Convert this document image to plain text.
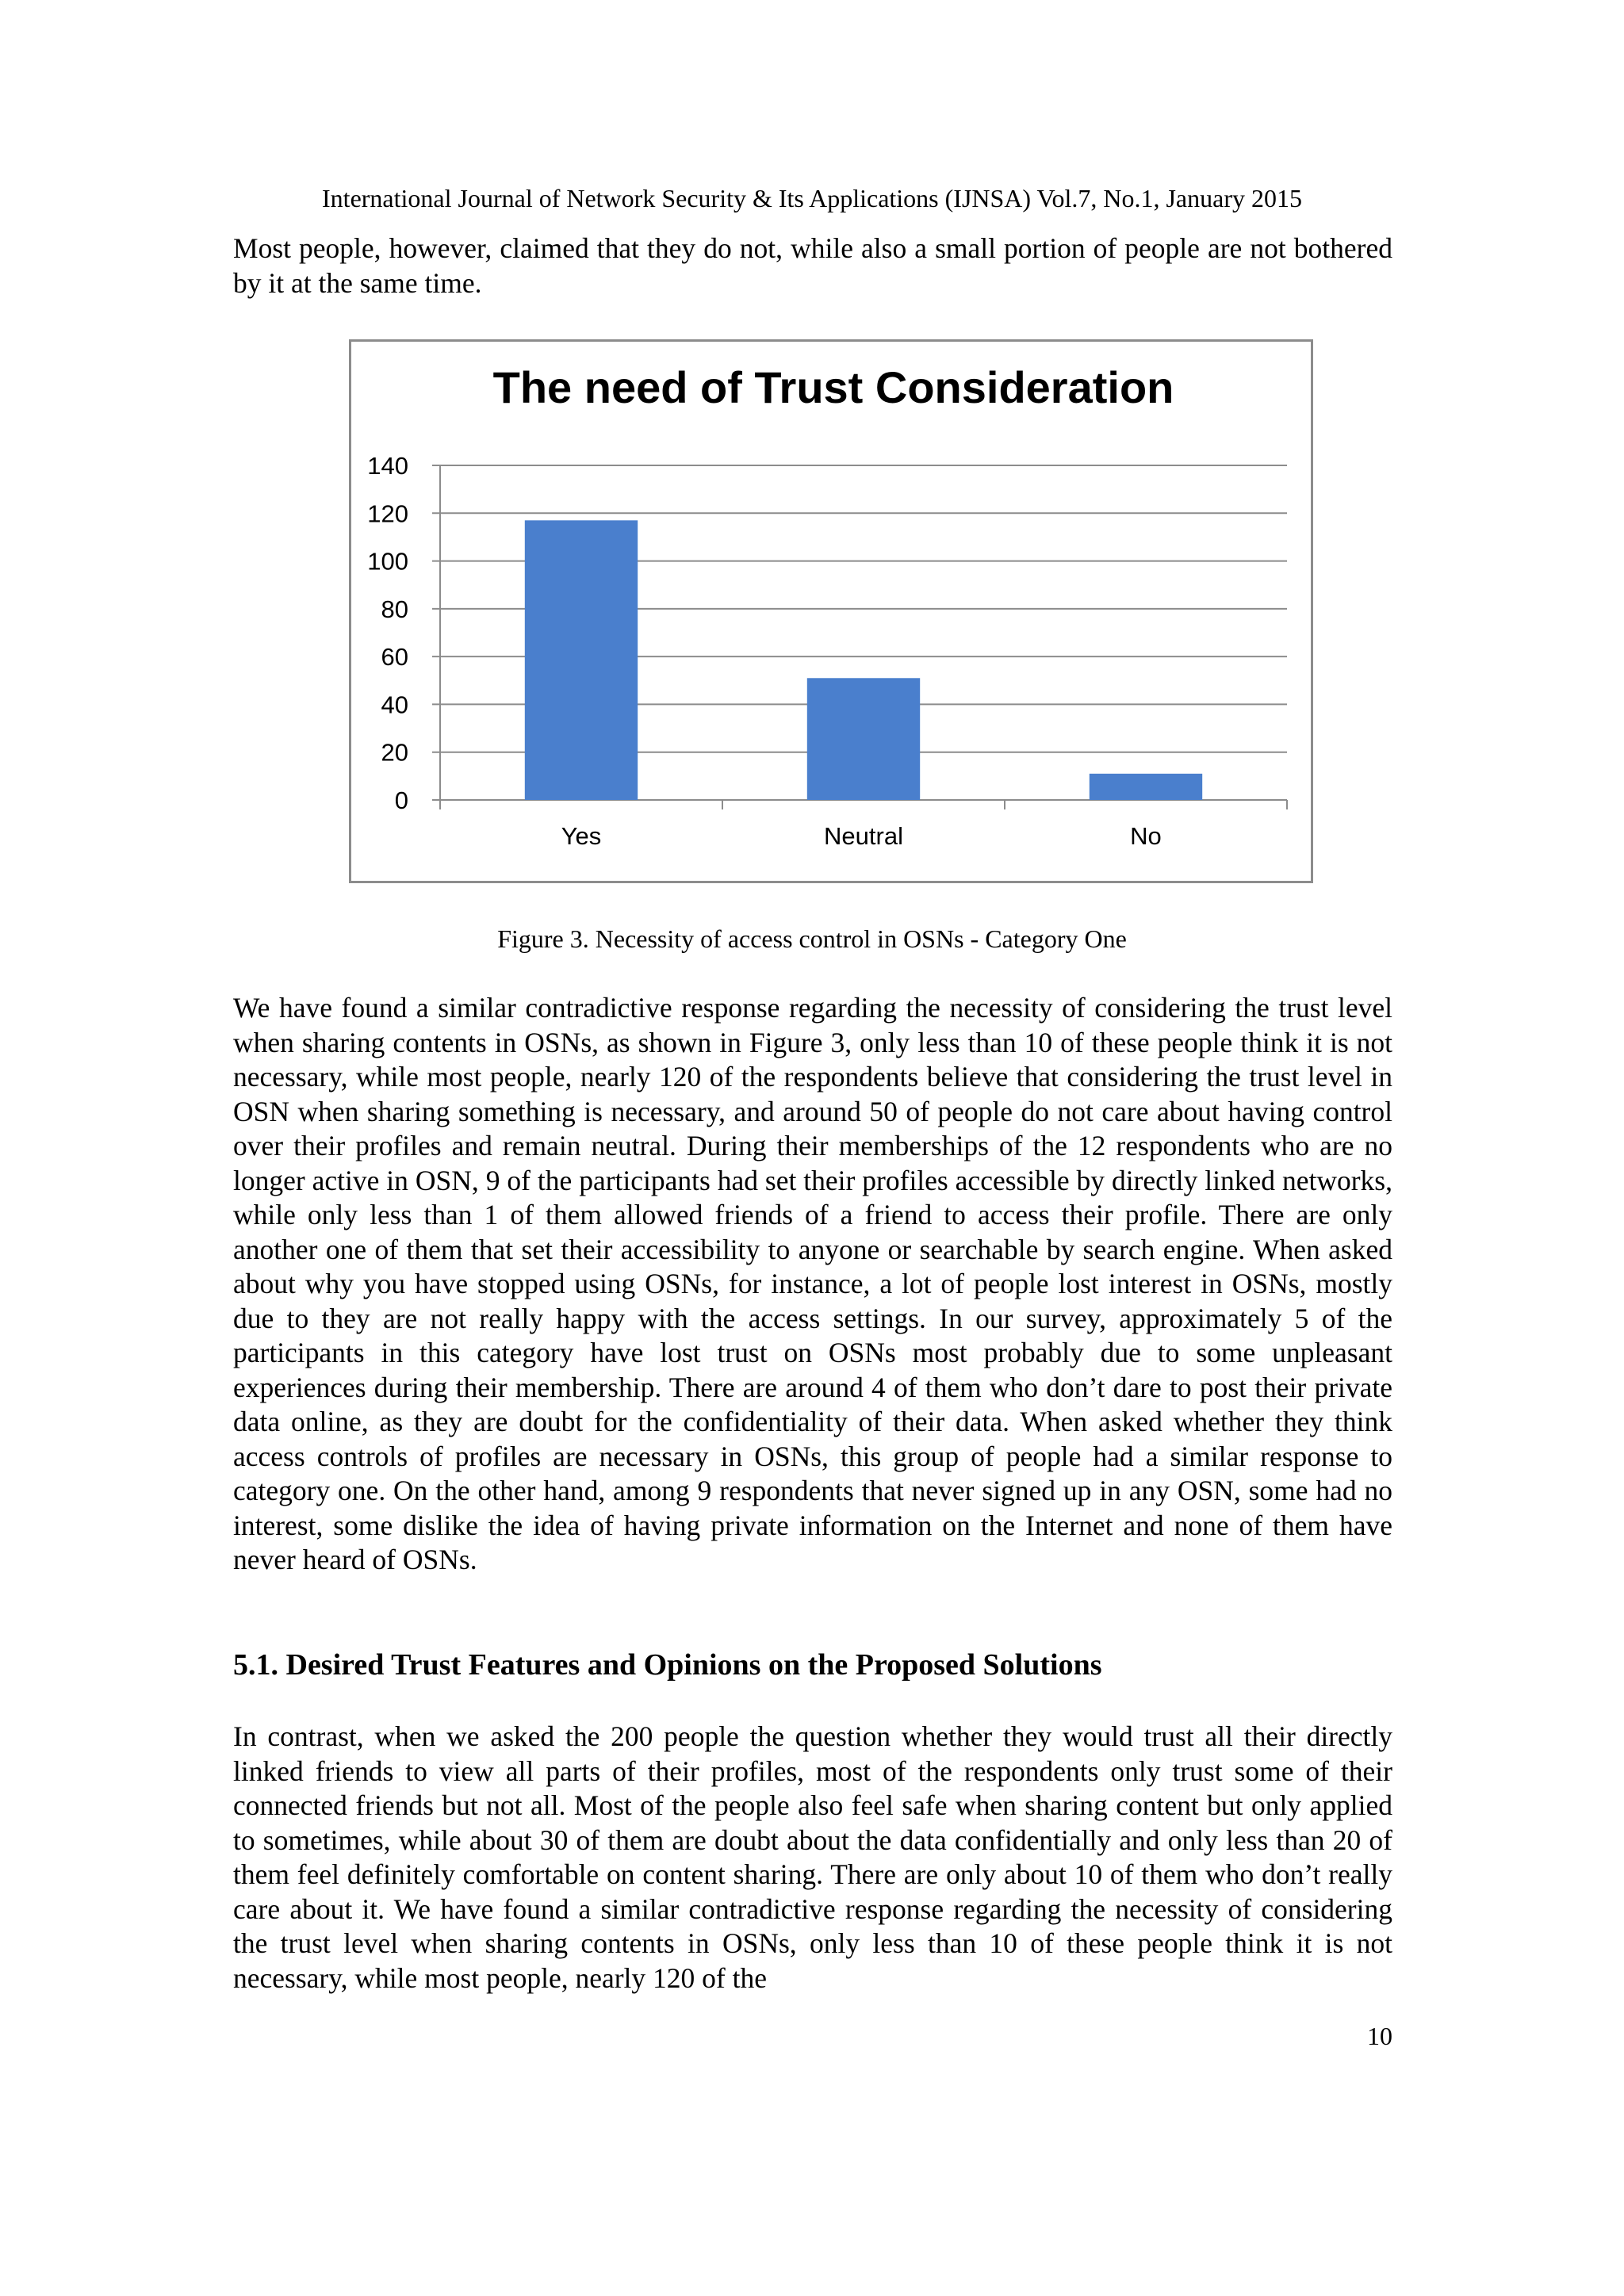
International Journal of Network Security & Its Applications (IJNSA) Vol.7, No.1, January 2015
Most people, however, claimed that they do not, while also a small portion of people are not bothered by it at the same time.
0
20
40
60
80
100
120
140
Yes	Neutral	No
The need of Trust Consideration
Figure 3. Necessity of access control in OSNs - Category One
We have found a similar contradictive response regarding the necessity of considering the trust level when sharing contents in OSNs, as shown in Figure 3, only less than 10 of these people think it is not necessary, while most people, nearly 120 of the respondents believe that considering the trust level in OSN when sharing something is necessary, and around 50 of people do not care about having control over their profiles and remain neutral. During their memberships of the 12 respondents who are no longer active in OSN, 9 of the participants had set their profiles accessible by directly linked networks, while only less than 1 of them allowed friends of a friend to access their profile. There are only another one of them that set their accessibility to anyone or searchable by search engine. When asked about why you have stopped using OSNs, for instance, a lot of people lost interest in OSNs, mostly due to they are not really happy with the access settings. In our survey, approximately 5 of the participants in this category have lost trust on OSNs most probably due to some unpleasant experiences during their membership. There are around 4 of them who don’t dare to post their private data online, as they are doubt for the confidentiality of their data. When asked whether they think access controls of profiles are necessary in OSNs, this group of people had a similar response to category one. On the other hand, among 9 respondents that never signed up in any OSN, some had no interest, some dislike the idea of having private information on the Internet and none of them have never heard of OSNs.
5.1. Desired Trust Features and Opinions on the Proposed Solutions
In contrast, when we asked the 200 people the question whether they would trust all their directly linked friends to view all parts of their profiles, most of the respondents only trust some of their connected friends but not all. Most of the people also feel safe when sharing content but only applied to sometimes, while about 30 of them are doubt about the data confidentially and only less than 20 of them feel definitely comfortable on content sharing. There are only about 10 of them who don’t really care about it. We have found a similar contradictive response regarding the necessity of considering the trust level when sharing contents in OSNs, only less than 10 of these people think it is not necessary, while most people, nearly 120 of the
10
